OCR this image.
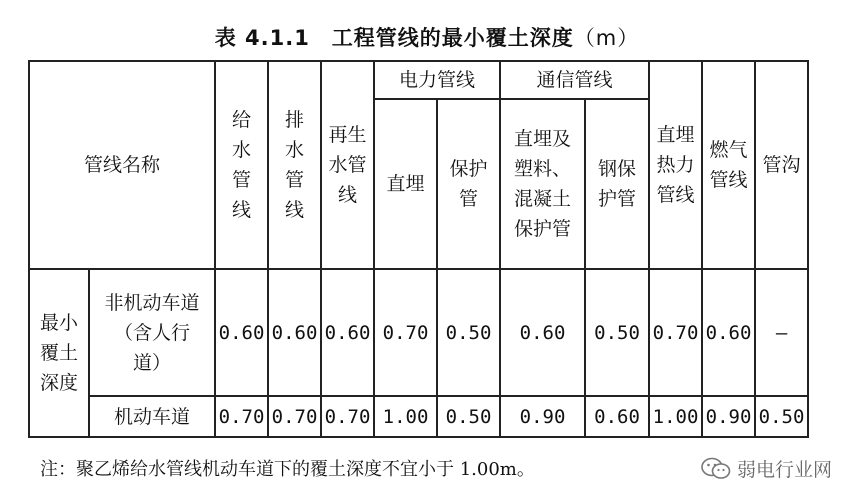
表 4.1.1　工程管线的最小覆土深度（m）
管线名称		给水管线	排水管线	再生水管线	电力管线		通信管线		直埋热力管线	燃气管线	管沟
					直埋	保护管	直埋及塑料、混凝土保护管	钢保护管			
最小覆土深度	非机动车道（含人行道）	0.60	0.60	0.60	0.70	0.50	0.60	0.50	0.70	0.60	—
	机动车道	0.70	0.70	0.70	1.00	0.50	0.90	0.60	1.00	0.90	0.50
注：聚乙烯给水管线机动车道下的覆土深度不宜小于 1.00m。	弱电行业网
